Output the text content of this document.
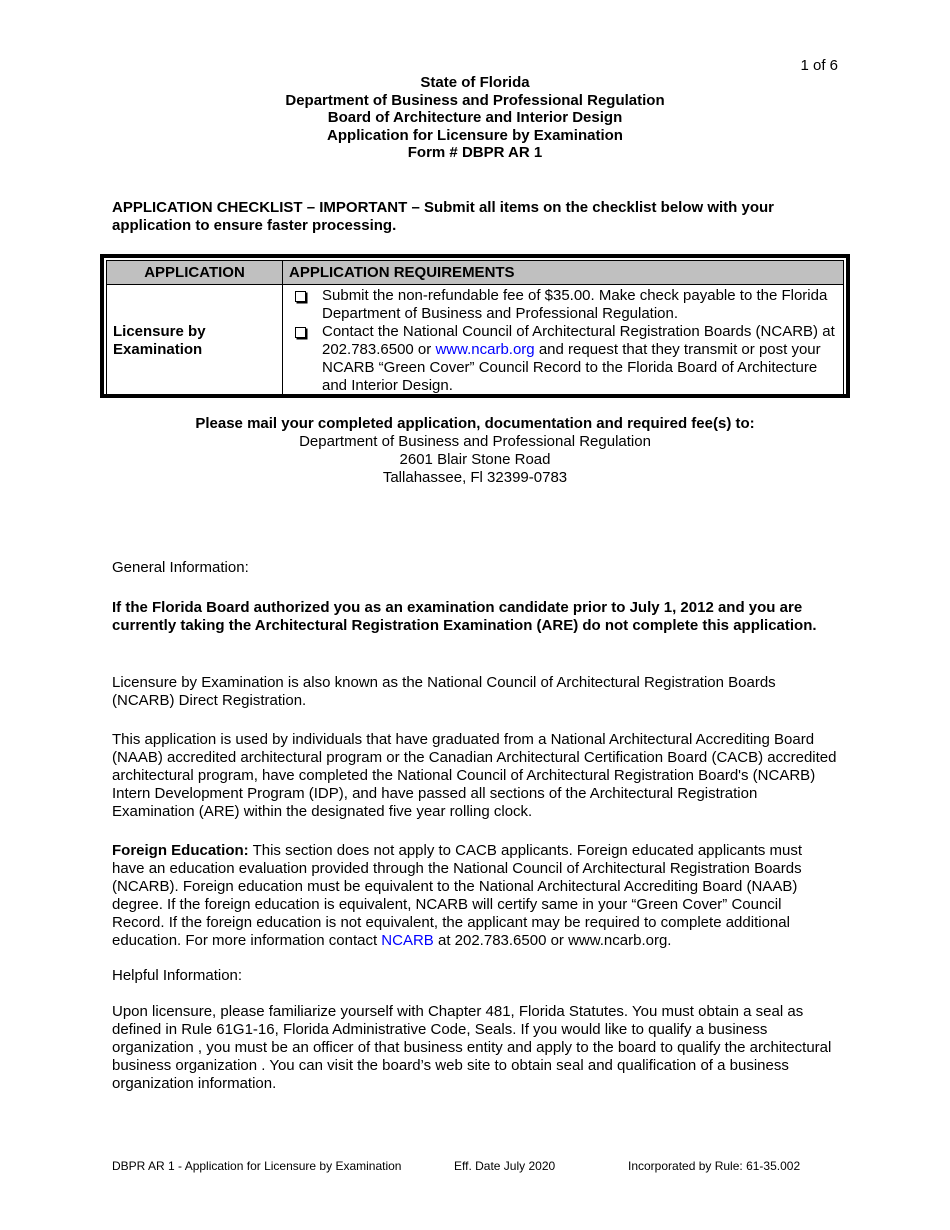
1 of 6
State of Florida
Department of Business and Professional Regulation
Board of Architecture and Interior Design
Application for Licensure by Examination
Form # DBPR AR 1
APPLICATION CHECKLIST – IMPORTANT – Submit all items on the checklist below with your application to ensure faster processing.
APPLICATION	APPLICATION REQUIREMENTS
Licensure by Examination	Submit the non-refundable fee of $35.00. Make check payable to the Florida Department of Business and Professional Regulation.
Contact the National Council of Architectural Registration Boards (NCARB) at 202.783.6500 or www.ncarb.org and request that they transmit or post your NCARB “Green Cover” Council Record to the Florida Board of Architecture and Interior Design.
Please mail your completed application, documentation and required fee(s) to:
Department of Business and Professional Regulation
2601 Blair Stone Road
Tallahassee, Fl 32399-0783

General Information:

If the Florida Board authorized you as an examination candidate prior to July 1, 2012 and you are currently taking the Architectural Registration Examination (ARE) do not complete this application.

Licensure by Examination is also known as the National Council of Architectural Registration Boards (NCARB) Direct Registration.

This application is used by individuals that have graduated from a National Architectural Accrediting Board (NAAB) accredited architectural program or the Canadian Architectural Certification Board (CACB) accredited architectural program, have completed the National Council of Architectural Registration Board's (NCARB) Intern Development Program (IDP), and have passed all sections of the Architectural Registration Examination (ARE) within the designated five year rolling clock.

Foreign Education: This section does not apply to CACB applicants. Foreign educated applicants must have an education evaluation provided through the National Council of Architectural Registration Boards (NCARB). Foreign education must be equivalent to the National Architectural Accrediting Board (NAAB) degree. If the foreign education is equivalent, NCARB will certify same in your “Green Cover” Council Record. If the foreign education is not equivalent, the applicant may be required to complete additional education. For more information contact NCARB at 202.783.6500 or www.ncarb.org.

Helpful Information:

Upon licensure, please familiarize yourself with Chapter 481, Florida Statutes. You must obtain a seal as defined in Rule 61G1-16, Florida Administrative Code, Seals. If you would like to qualify a business organization , you must be an officer of that business entity and apply to the board to qualify the architectural business organization . You can visit the board’s web site to obtain seal and qualification of a business organization information.

DBPR AR 1 - Application for Licensure by Examination	Eff. Date July 2020	Incorporated by Rule: 61-35.002
